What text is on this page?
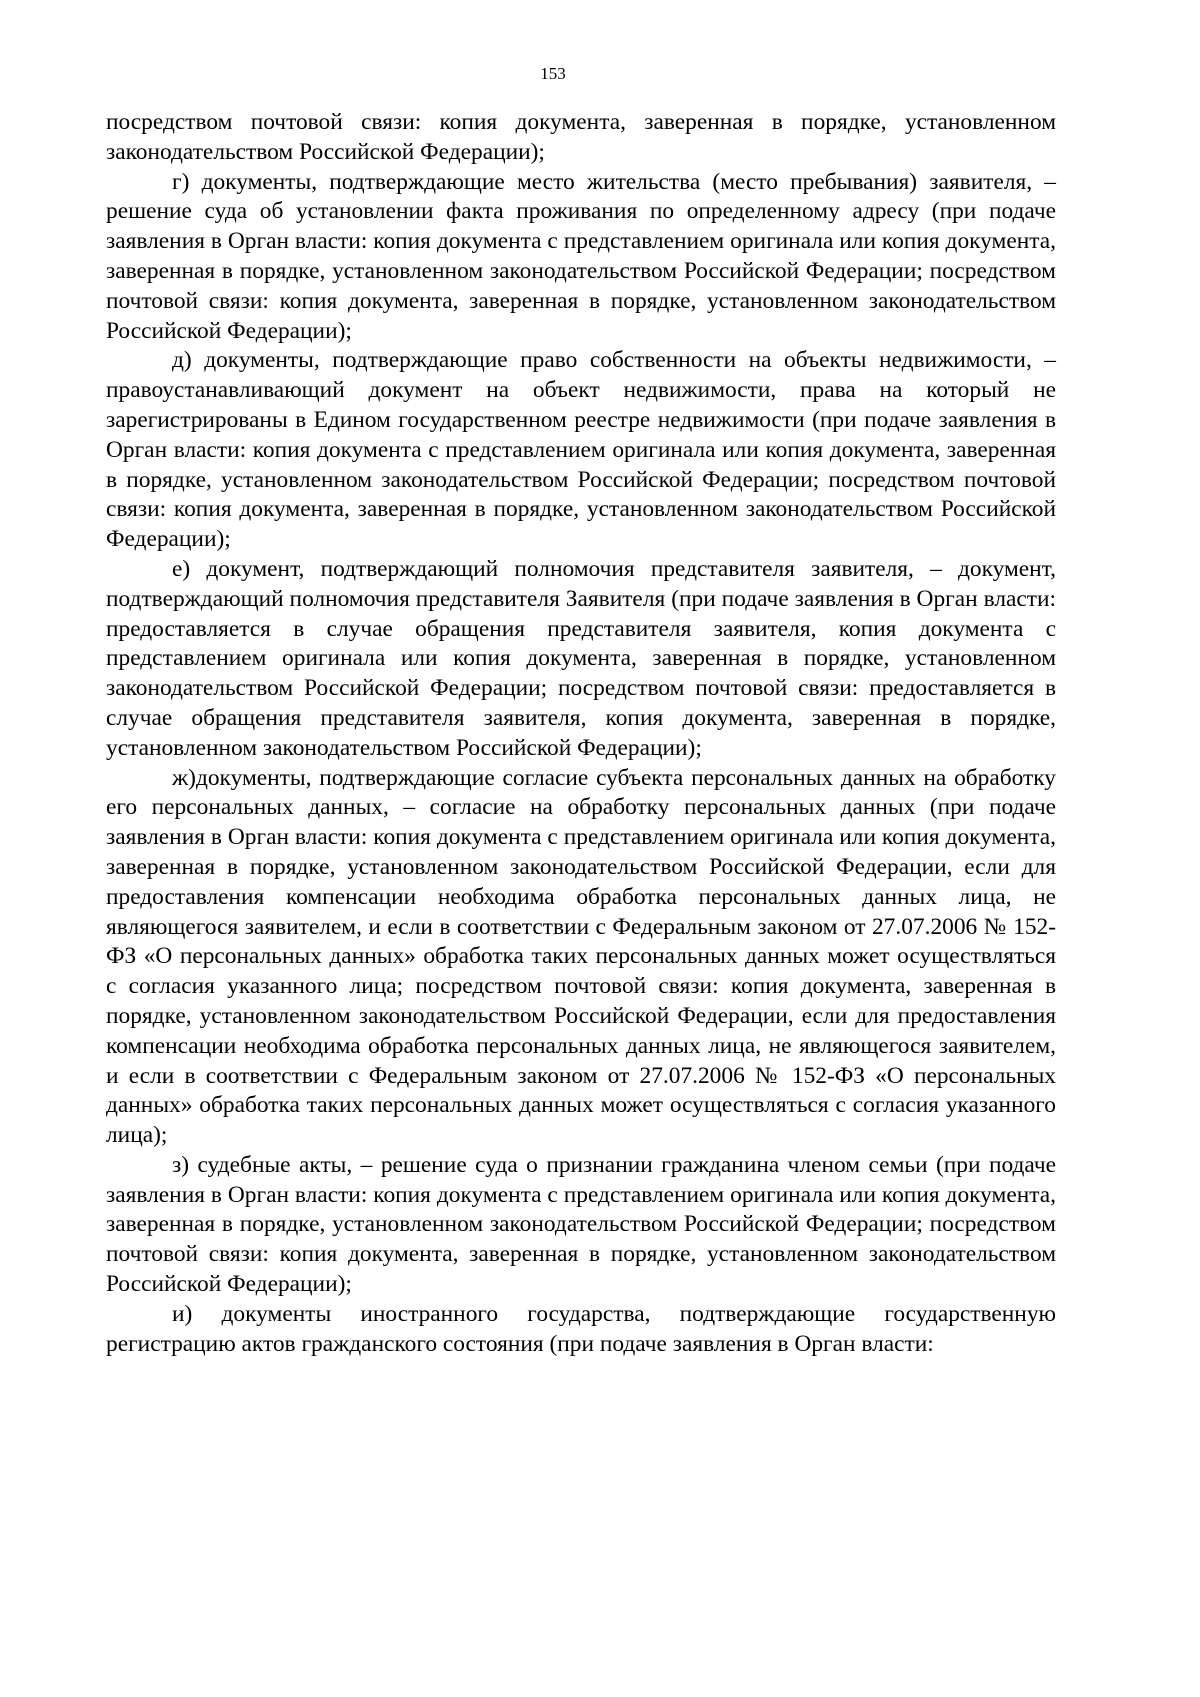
153

посредством почтовой связи: копия документа, заверенная в порядке, установленном законодательством Российской Федерации);

г) документы, подтверждающие место жительства (место пребывания) заявителя, – решение суда об установлении факта проживания по определенному адресу (при подаче заявления в Орган власти: копия документа с представлением оригинала или копия документа, заверенная в порядке, установленном законодательством Российской Федерации; посредством почтовой связи: копия документа, заверенная в порядке, установленном законодательством Российской Федерации);

д) документы, подтверждающие право собственности на объекты недвижимости, – правоустанавливающий документ на объект недвижимости, права на который не зарегистрированы в Едином государственном реестре недвижимости (при подаче заявления в Орган власти: копия документа с представлением оригинала или копия документа, заверенная в порядке, установленном законодательством Российской Федерации; посредством почтовой связи: копия документа, заверенная в порядке, установленном законодательством Российской Федерации);

е) документ, подтверждающий полномочия представителя заявителя, – документ, подтверждающий полномочия представителя Заявителя (при подаче заявления в Орган власти: предоставляется в случае обращения представителя заявителя, копия документа с представлением оригинала или копия документа, заверенная в порядке, установленном законодательством Российской Федерации; посредством почтовой связи: предоставляется в случае обращения представителя заявителя, копия документа, заверенная в порядке, установленном законодательством Российской Федерации);

ж)документы, подтверждающие согласие субъекта персональных данных на обработку его персональных данных, – согласие на обработку персональных данных (при подаче заявления в Орган власти: копия документа с представлением оригинала или копия документа, заверенная в порядке, установленном законодательством Российской Федерации, если для предоставления компенсации необходима обработка персональных данных лица, не являющегося заявителем, и если в соответствии с Федеральным законом от 27.07.2006 № 152-ФЗ «О персональных данных» обработка таких персональных данных может осуществляться с согласия указанного лица; посредством почтовой связи: копия документа, заверенная в порядке, установленном законодательством Российской Федерации, если для предоставления компенсации необходима обработка персональных данных лица, не являющегося заявителем, и если в соответствии с Федеральным законом от 27.07.2006 № 152-ФЗ «О персональных данных» обработка таких персональных данных может осуществляться с согласия указанного лица);

з) судебные акты, – решение суда о признании гражданина членом семьи (при подаче заявления в Орган власти: копия документа с представлением оригинала или копия документа, заверенная в порядке, установленном законодательством Российской Федерации; посредством почтовой связи: копия документа, заверенная в порядке, установленном законодательством Российской Федерации);

и) документы иностранного государства, подтверждающие государственную регистрацию актов гражданского состояния (при подаче заявления в Орган власти:
